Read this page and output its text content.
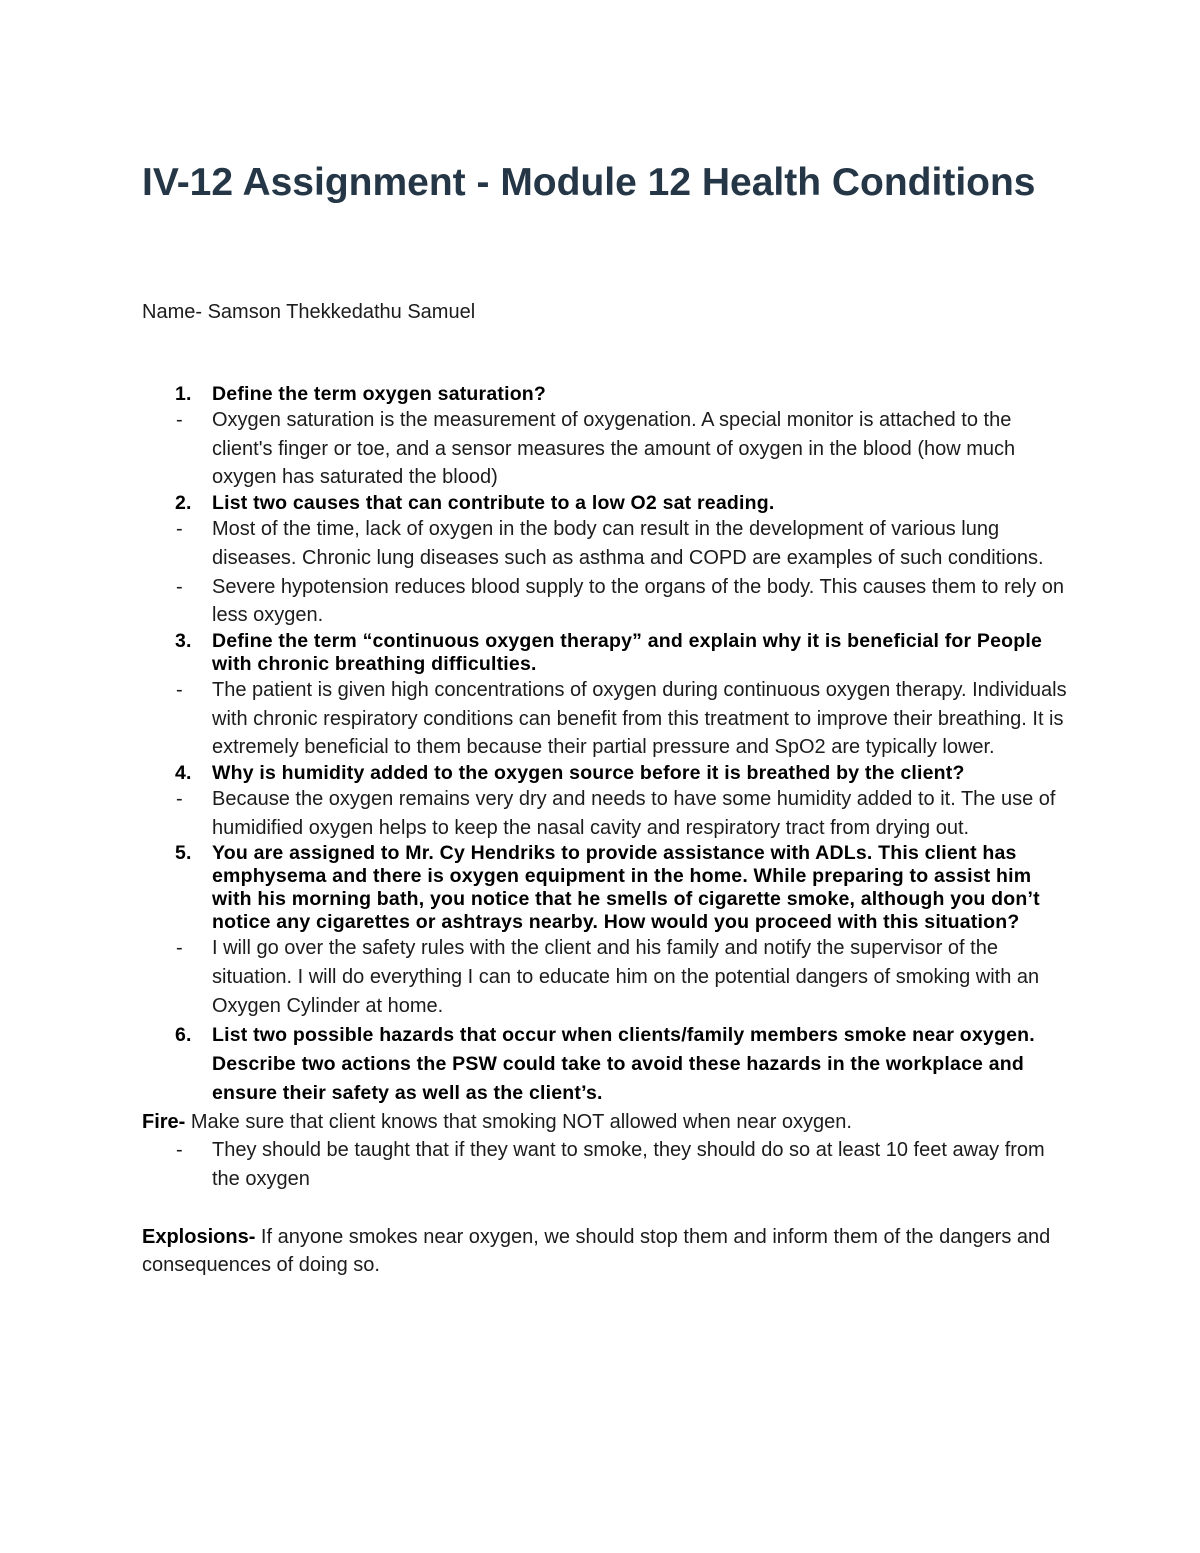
IV-12 Assignment - Module 12 Health Conditions
Name- Samson Thekkedathu Samuel
1. Define the term oxygen saturation?
- Oxygen saturation is the measurement of oxygenation. A special monitor is attached to the client's finger or toe, and a sensor measures the amount of oxygen in the blood (how much oxygen has saturated the blood)
2. List two causes that can contribute to a low O2 sat reading.
- Most of the time, lack of oxygen in the body can result in the development of various lung diseases. Chronic lung diseases such as asthma and COPD are examples of such conditions.
- Severe hypotension reduces blood supply to the organs of the body. This causes them to rely on less oxygen.
3. Define the term “continuous oxygen therapy” and explain why it is beneficial for People with chronic breathing difficulties.
- The patient is given high concentrations of oxygen during continuous oxygen therapy. Individuals with chronic respiratory conditions can benefit from this treatment to improve their breathing. It is extremely beneficial to them because their partial pressure and SpO2 are typically lower.
4. Why is humidity added to the oxygen source before it is breathed by the client?
- Because the oxygen remains very dry and needs to have some humidity added to it. The use of humidified oxygen helps to keep the nasal cavity and respiratory tract from drying out.
5. You are assigned to Mr. Cy Hendriks to provide assistance with ADLs. This client has emphysema and there is oxygen equipment in the home. While preparing to assist him with his morning bath, you notice that he smells of cigarette smoke, although you don’t notice any cigarettes or ashtrays nearby. How would you proceed with this situation?
- I will go over the safety rules with the client and his family and notify the supervisor of the situation. I will do everything I can to educate him on the potential dangers of smoking with an Oxygen Cylinder at home.
6. List two possible hazards that occur when clients/family members smoke near oxygen. Describe two actions the PSW could take to avoid these hazards in the workplace and ensure their safety as well as the client’s.
Fire- Make sure that client knows that smoking NOT allowed when near oxygen.
- They should be taught that if they want to smoke, they should do so at least 10 feet away from the oxygen
Explosions- If anyone smokes near oxygen, we should stop them and inform them of the dangers and consequences of doing so.
